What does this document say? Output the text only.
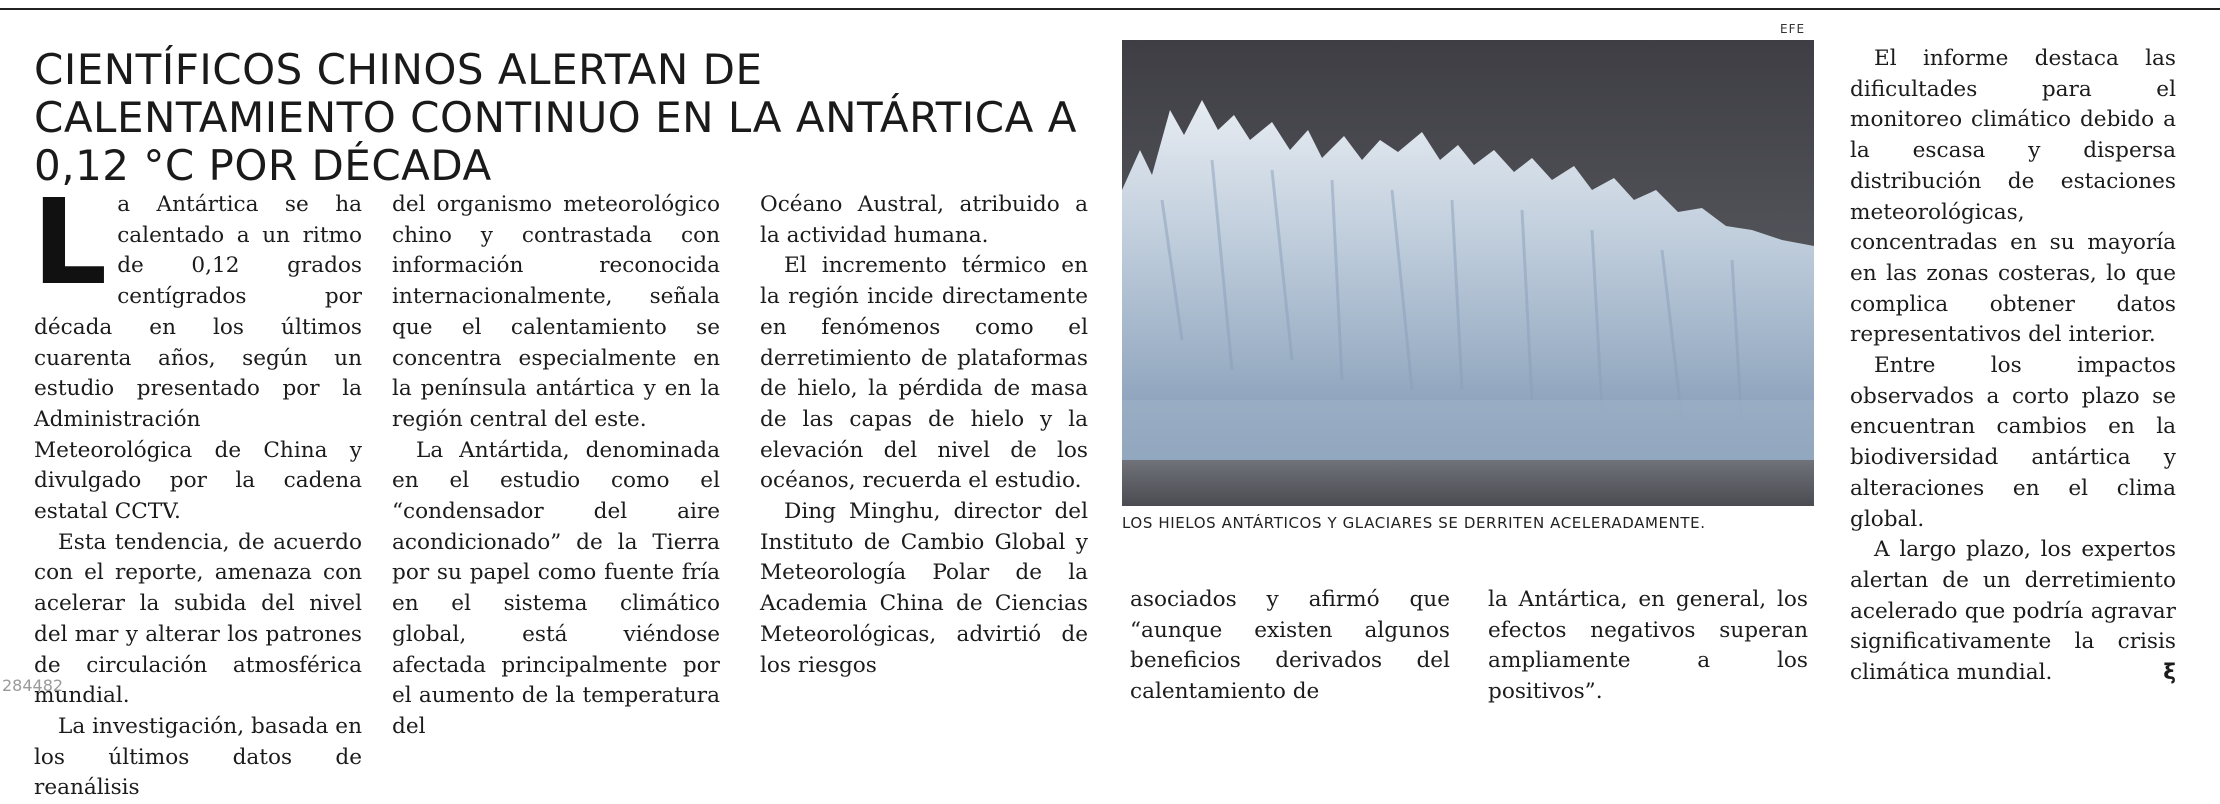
CIENTÍFICOS CHINOS ALERTAN DE CALENTAMIENTO CONTINUO EN LA ANTÁRTICA A 0,12 °C POR DÉCADA

La Antártica se ha calentado a un ritmo de 0,12 grados centígrados por década en los últimos cuarenta años, según un estudio presentado por la Administración Meteorológica de China y divulgado por la cadena estatal CCTV.

Esta tendencia, de acuerdo con el reporte, amenaza con acelerar la subida del nivel del mar y alterar los patrones de circulación atmosférica mundial.

La investigación, basada en los últimos datos de reanálisis

del organismo meteorológico chino y contrastada con información reconocida internacionalmente, señala que el calentamiento se concentra especialmente en la península antártica y en la región central del este.

La Antártida, denominada en el estudio como el “condensador del aire acondicionado” de la Tierra por su papel como fuente fría en el sistema climático global, está viéndose afectada principalmente por el aumento de la temperatura del

Océano Austral, atribuido a la actividad humana.

El incremento térmico en la región incide directamente en fenómenos como el derretimiento de plataformas de hielo, la pérdida de masa de las capas de hielo y la elevación del nivel de los océanos, recuerda el estudio.

Ding Minghu, director del Instituto de Cambio Global y Meteorología Polar de la Academia China de Ciencias Meteorológicas, advirtió de los riesgos

EFE
LOS HIELOS ANTÁRTICOS Y GLACIARES SE DERRITEN ACELERADAMENTE.

asociados y afirmó que “aunque existen algunos beneficios derivados del calentamiento de

la Antártica, en general, los efectos negativos superan ampliamente a los positivos”.

El informe destaca las dificultades para el monitoreo climático debido a la escasa y dispersa distribución de estaciones meteorológicas, concentradas en su mayoría en las zonas costeras, lo que complica obtener datos representativos del interior.

Entre los impactos observados a corto plazo se encuentran cambios en la biodiversidad antártica y alteraciones en el clima global.

A largo plazo, los expertos alertan de un derretimiento acelerado que podría agravar significativamente la crisis climática mundial.	ξ

284482
